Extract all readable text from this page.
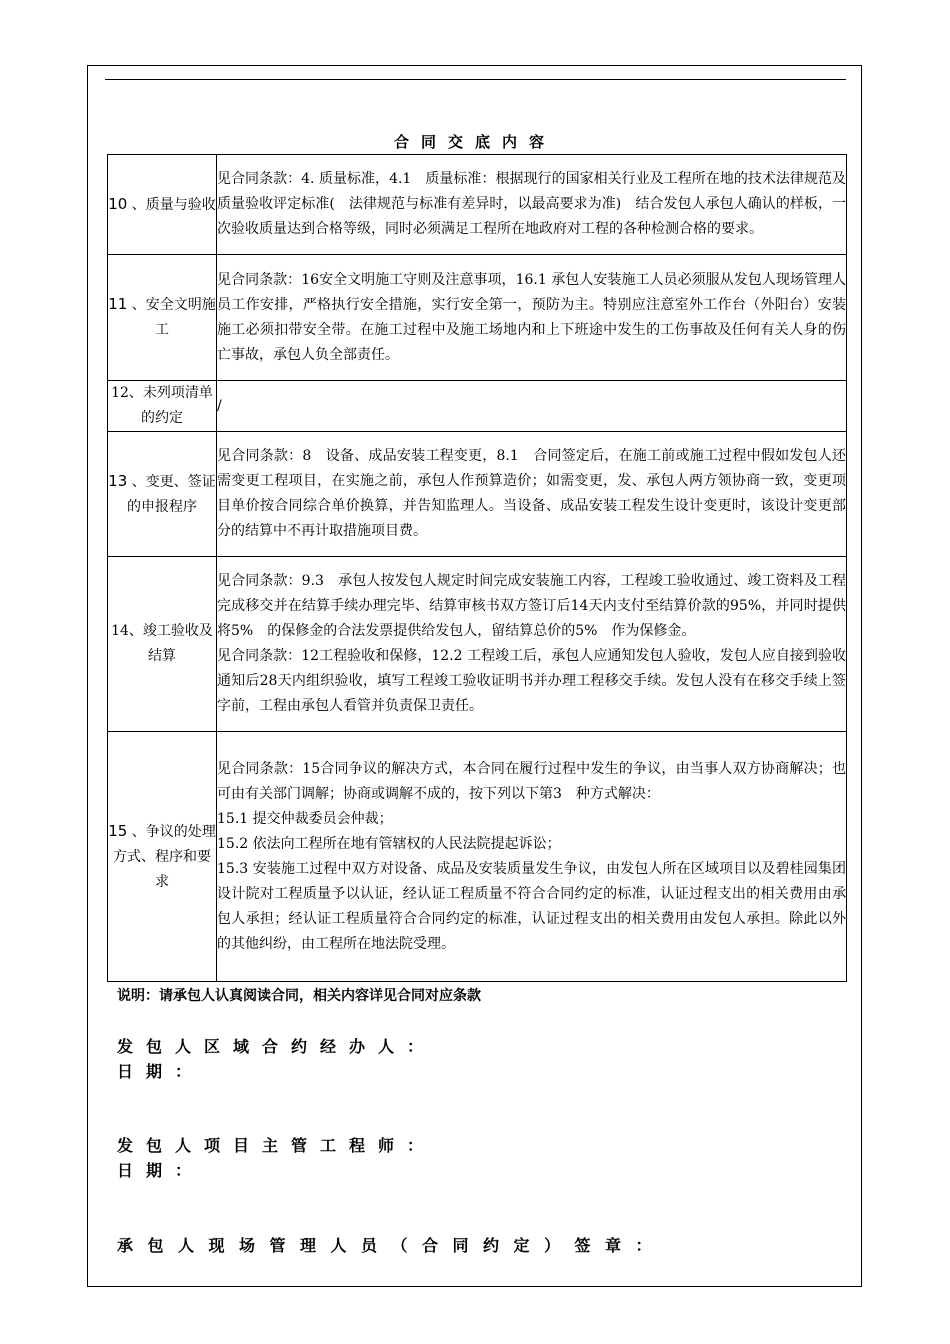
合同交底内容
10 、质量与验收	见合同条款：4. 质量标准，4.1　质量标准：根据现行的国家相关行业及工程所在地的技术法律规范及质量验收评定标准(　法律规范与标准有差异时，以最高要求为准)　结合发包人承包人确认的样板，一次验收质量达到合格等级，同时必须满足工程所在地政府对工程的各种检测合格的要求。

11 、安全文明施工	见合同条款：16安全文明施工守则及注意事项，16.1 承包人安装施工人员必须服从发包人现场管理人员工作安排，严格执行安全措施，实行安全第一，预防为主。特别应注意室外工作台（外阳台）安装施工必须扣带安全带。在施工过程中及施工场地内和上下班途中发生的工伤事故及任何有关人身的伤亡事故，承包人负全部责任。

12、未列项清单的约定	/

13 、变更、签证的申报程序	见合同条款：8　设备、成品安装工程变更，8.1　合同签定后，在施工前或施工过程中假如发包人还需变更工程项目，在实施之前，承包人作预算造价；如需变更，发、承包人两方领协商一致，变更项目单价按合同综合单价换算，并告知监理人。当设备、成品安装工程发生设计变更时，该设计变更部分的结算中不再计取措施项目费。

14、竣工验收及结算	见合同条款：9.3　承包人按发包人规定时间完成安装施工内容，工程竣工验收通过、竣工资料及工程完成移交并在结算手续办理完毕、结算审核书双方签订后14天内支付至结算价款的95%，并同时提供将5%　的保修金的合法发票提供给发包人，留结算总价的5%　作为保修金。

见合同条款：12工程验收和保修，12.2 工程竣工后，承包人应通知发包人验收，发包人应自接到验收通知后28天内组织验收，填写工程竣工验收证明书并办理工程移交手续。发包人没有在移交手续上签字前，工程由承包人看管并负责保卫责任。

15 、争议的处理方式、程序和要求	见合同条款：15合同争议的解决方式，本合同在履行过程中发生的争议，由当事人双方协商解决；也可由有关部门调解；协商或调解不成的，按下列以下第3　种方式解决：

15.1 提交仲裁委员会仲裁；

15.2 依法向工程所在地有管辖权的人民法院提起诉讼；

15.3 安装施工过程中双方对设备、成品及安装质量发生争议，由发包人所在区域项目以及碧桂园集团设计院对工程质量予以认证，经认证工程质量不符合合同约定的标准，认证过程支出的相关费用由承包人承担；经认证工程质量符合合同约定的标准，认证过程支出的相关费用由发包人承担。除此以外的其他纠纷，由工程所在地法院受理。

说明：请承包人认真阅读合同，相关内容详见合同对应条款
发包人区域合约经办人：
日期：
发包人项目主管工程师：
日期：
承包人现场管理人员（合同约定）签章：
